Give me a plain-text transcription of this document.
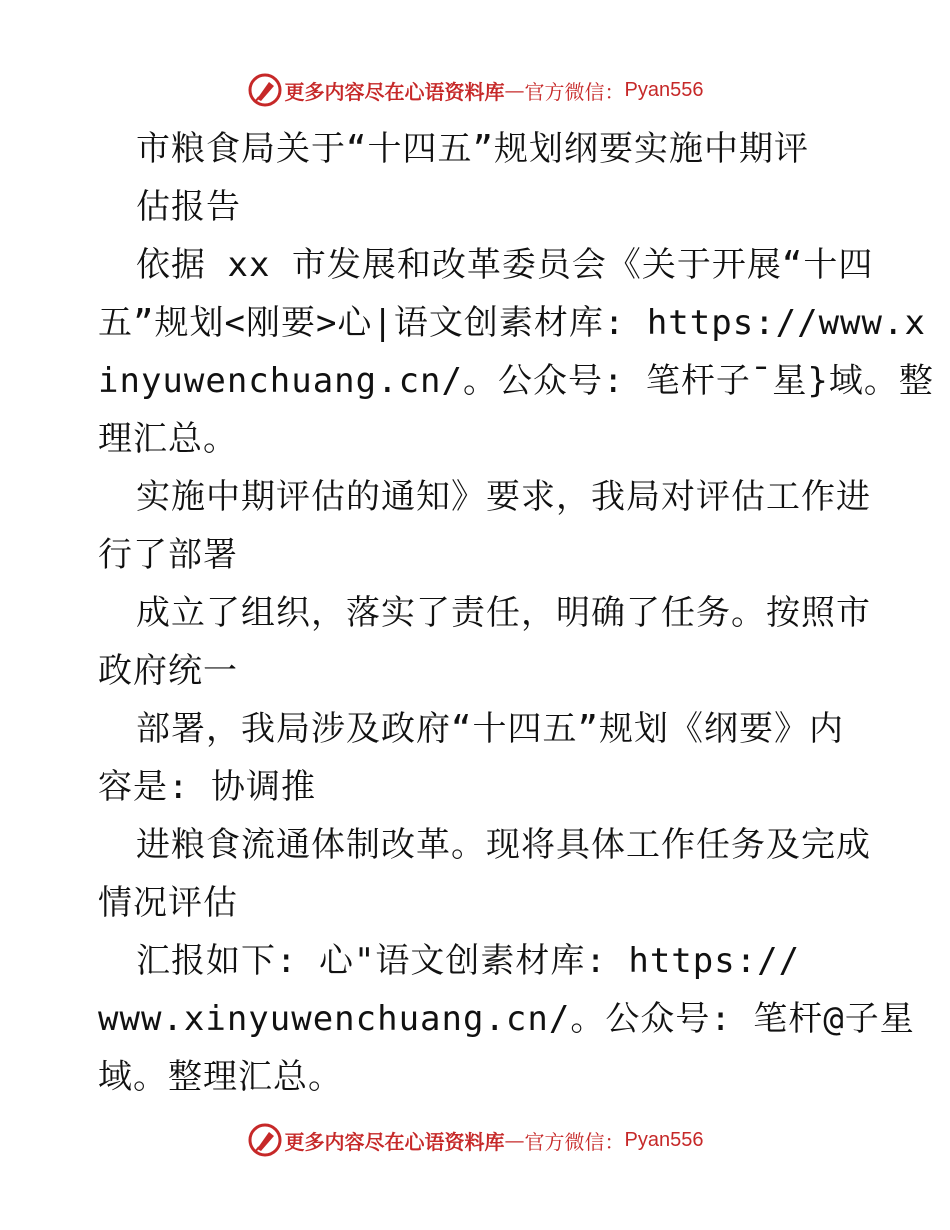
更多内容尽在心语资料库 — 官方微信： Pyan556
市粮食局关于“十四五”规划纲要实施中期评
估报告
依据 xx 市发展和改革委员会《关于开展“十四
五”规划<刚要>心|语文创素材库: https://www.x
inyuwenchuang.cn/。公众号: 笔杆子¯星}域。整
理汇总。
实施中期评估的通知》要求，我局对评估工作进
行了部署
成立了组织，落实了责任，明确了任务。按照市
政府统一
部署，我局涉及政府“十四五”规划《纲要》内
容是: 协调推
进粮食流通体制改革。现将具体工作任务及完成
情况评估
汇报如下: 心"语文创素材库: https://
www.xinyuwenchuang.cn/。公众号: 笔杆@子星
域。整理汇总。
更多内容尽在心语资料库 — 官方微信： Pyan556
